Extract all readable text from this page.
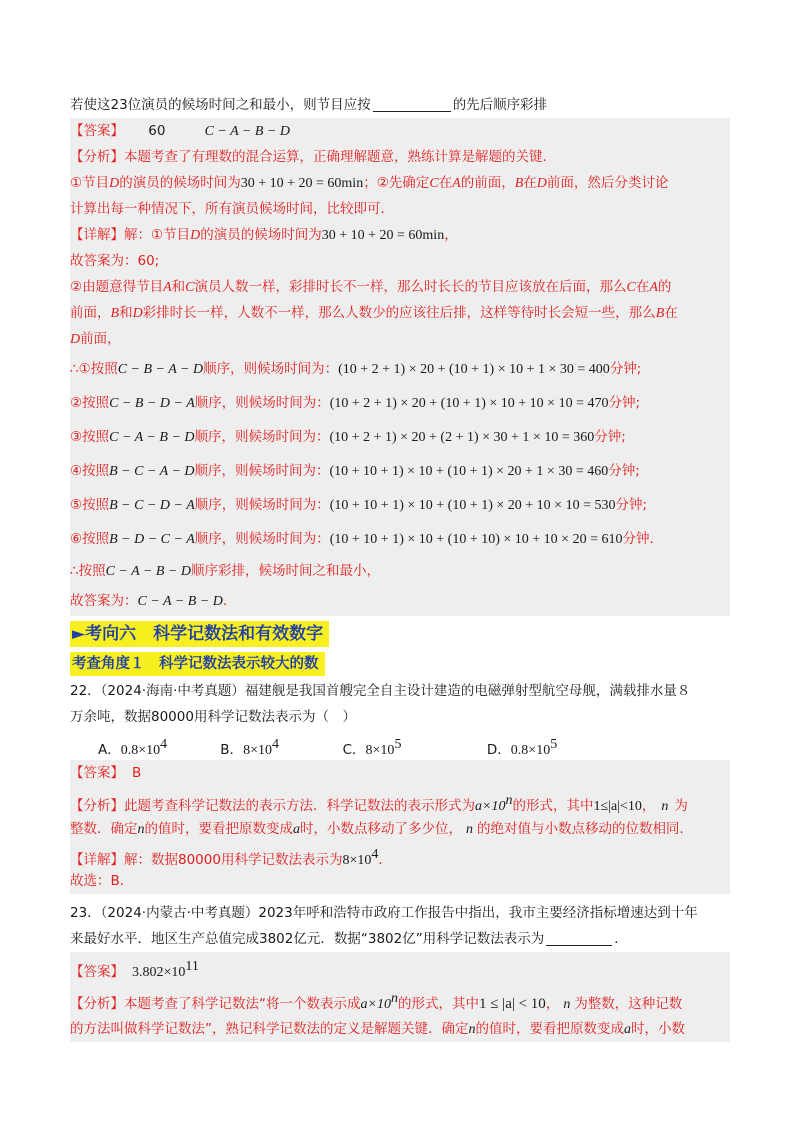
若使这23位演员的候场时间之和最小，则节目应按	的先后顺序彩排
【答案】 60	C − A − B − D
【分析】本题考查了有理数的混合运算，正确理解题意，熟练计算是解题的关键．
①节目D的演员的候场时间为30 + 10 + 20 = 60min；②先确定C在A的前面，B在D前面，然后分类讨论
计算出每一种情况下，所有演员候场时间，比较即可．
【详解】解：①节目D的演员的候场时间为30 + 10 + 20 = 60min，
故答案为：60;
②由题意得节目A和C演员人数一样，彩排时长不一样，那么时长长的节目应该放在后面，那么C在A的
前面，B和D彩排时长一样，人数不一样，那么人数少的应该往后排，这样等待时长会短一些，那么B在
D前面，
∴①按照C − B − A − D顺序，则候场时间为：(10 + 2 + 1) × 20 + (10 + 1) × 10 + 1 × 30 = 400分钟;
②按照C − B − D − A顺序，则候场时间为：(10 + 2 + 1) × 20 + (10 + 1) × 10 + 10 × 10 = 470分钟;
③按照C − A − B − D顺序，则候场时间为：(10 + 2 + 1) × 20 + (2 + 1) × 30 + 1 × 10 = 360分钟;
④按照B − C − A − D顺序，则候场时间为：(10 + 10 + 1) × 10 + (10 + 1) × 20 + 1 × 30 = 460分钟;
⑤按照B − C − D − A顺序，则候场时间为：(10 + 10 + 1) × 10 + (10 + 1) × 20 + 10 × 10 = 530分钟;
⑥按照B − D − C − A顺序，则候场时间为：(10 + 10 + 1) × 10 + (10 + 10) × 10 + 10 × 20 = 610分钟．
∴按照C − A − B − D顺序彩排，候场时间之和最小，
故答案为：C − A − B − D．
►考向六　科学记数法和有效数字
考查角度１　科学记数法表示较大的数
22．（2024·海南·中考真题）福建舰是我国首艘完全自主设计建造的电磁弹射型航空母舰，满载排水量８
万余吨，数据80000用科学记数法表示为（　）
A．$0.8\times 10^4$	B．$8\times 10^4$	C．$8\times 10^5$	D．$0.8\times 10^5$
【答案】 B
【分析】此题考查科学记数法的表示方法．科学记数法的表示形式为$a\times 10^n$的形式，其中1≤|a|<10， n 为
整数．确定n的值时，要看把原数变成a时，小数点移动了多少位， n 的绝对值与小数点移动的位数相同．
【详解】解：数据80000用科学记数法表示为$8\times 10^4$．
故选：B．
23．（2024·内蒙古·中考真题）2023年呼和浩特市政府工作报告中指出，我市主要经济指标增速达到十年
来最好水平．地区生产总值完成3802亿元．数据“3802亿”用科学记数法表示为	．
【答案】 $3.802\times 10^{11}$
【分析】本题考查了科学记数法“将一个数表示成$a\times 10^n$的形式，其中1 ≤ |a| < 10， n 为整数，这种记数
的方法叫做科学记数法”，熟记科学记数法的定义是解题关键．确定n的值时，要看把原数变成a时，小数
